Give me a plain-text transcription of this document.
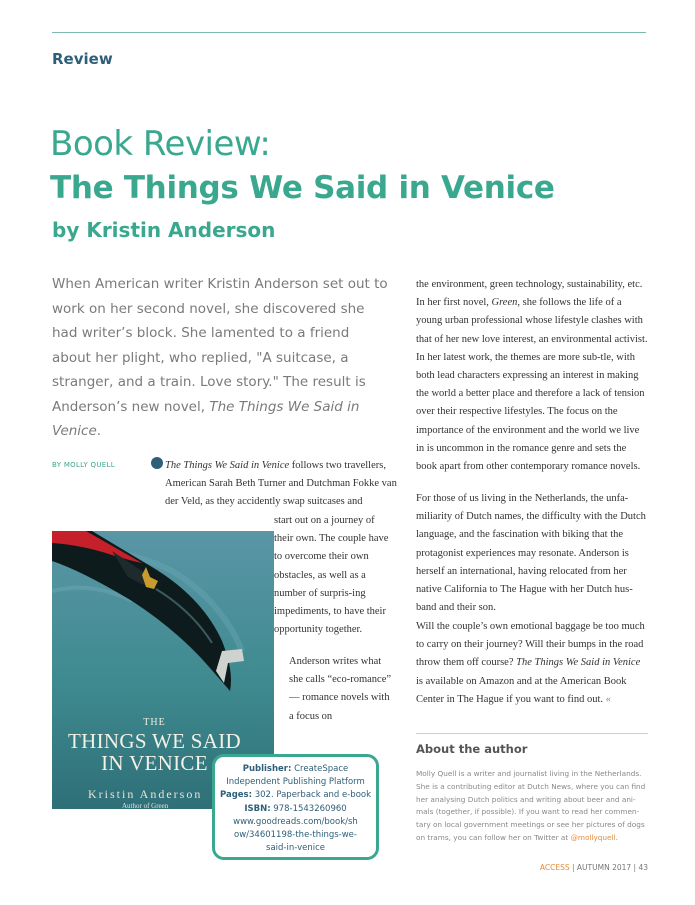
Review
Book Review:
The Things We Said in Venice
by Kristin Anderson

When American writer Kristin Anderson set out to work on her second novel, she discovered she had writer’s block. She lamented to a friend about her plight, who replied, "A suitcase, a stranger, and a train. Love story." The result is Anderson’s new novel, The Things We Said in Venice.

BY MOLLY QUELL	The Things We Said in Venice follows two travellers, American Sarah Beth Turner and Dutchman Fokke van der Veld, as they accidently swap suitcases and

start out on a journey of their own. The couple have to overcome their own obstacles, as well as a number of surpris-ing impediments, to have their opportunity together.

Anderson writes what she calls “eco-romance” — romance novels with a focus on

the environment, green technology, sustainability, etc. In her first novel, Green, she follows the life of a young urban professional whose lifestyle clashes with that of her new love interest, an environmental activist. In her latest work, the themes are more sub-tle, with both lead characters expressing an interest in making the world a better place and therefore a lack of tension over their respective lifestyles. The focus on the importance of the environment and the world we live in is uncommon in the romance genre and sets the book apart from other contemporary romance novels.

For those of us living in the Netherlands, the unfa-miliarity of Dutch names, the difficulty with the Dutch language, and the fascination with biking that the protagonist experiences may resonate. Anderson is herself an international, having relocated from her native California to The Hague with her Dutch hus-band and their son.

Will the couple’s own emotional baggage be too much to carry on their journey? Will their bumps in the road throw them off course? The Things We Said in Venice is available on Amazon and at the American Book Center in The Hague if you want to find out. «

THE
THINGS WE SAID
IN VENICE
Kristin Anderson
Author of Green
Publisher: CreateSpace Independent Publishing Platform
Pages: 302. Paperback and e-book
ISBN: 978-1543260960
www.goodreads.com/book/show/34601198-the-things-we-said-in-venice
About the author

Molly Quell is a writer and journalist living in the Netherlands. She is a contributing editor at Dutch News, where you can find her analysing Dutch politics and writing about beer and ani-mals (together, if possible). If you want to read her commen-tary on local government meetings or see her pictures of dogs on trams, you can follow her on Twitter at @mollyquell.

ACCESS | AUTUMN 2017 | 43
